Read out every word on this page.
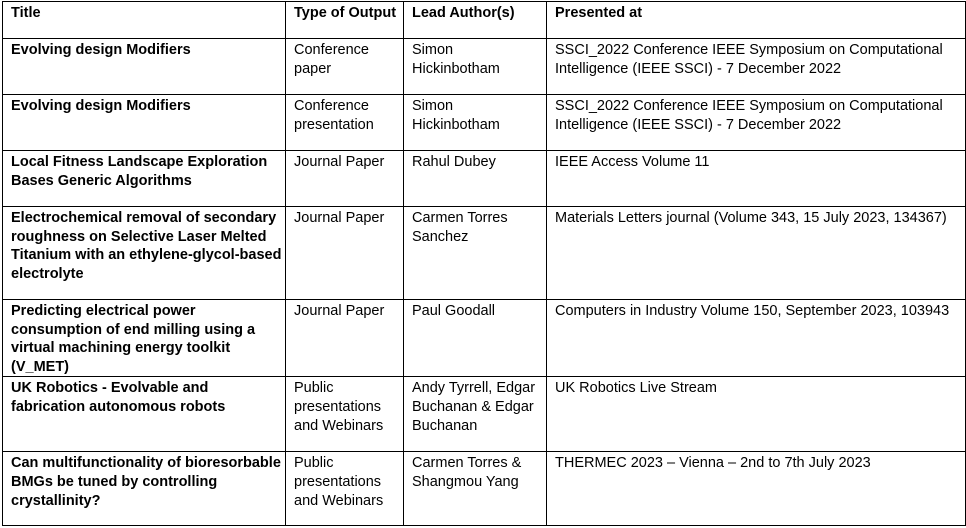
Title	Type of Output	Lead Author(s)	Presented at
Evolving design Modifiers	Conference paper	Simon Hickinbotham	SSCI_2022 Conference IEEE Symposium on Computational Intelligence (IEEE SSCI) - 7 December 2022
Evolving design Modifiers	Conference presentation	Simon Hickinbotham	SSCI_2022 Conference IEEE Symposium on Computational Intelligence (IEEE SSCI) - 7 December 2022
Local Fitness Landscape Exploration Bases Generic Algorithms	Journal Paper	Rahul Dubey	IEEE Access Volume 11
Electrochemical removal of secondary roughness on Selective Laser Melted Titanium with an ethylene-glycol-based electrolyte	Journal Paper	Carmen Torres Sanchez	Materials Letters journal (Volume 343, 15 July 2023, 134367)
Predicting electrical power consumption of end milling using a virtual machining energy toolkit (V_MET)	Journal Paper	Paul Goodall	Computers in Industry Volume 150, September 2023, 103943
UK Robotics - Evolvable and fabrication autonomous robots	Public presentations and Webinars	Andy Tyrrell, Edgar Buchanan & Edgar Buchanan	UK Robotics Live Stream
Can multifunctionality of bioresorbable BMGs be tuned by controlling crystallinity?	Public presentations and Webinars	Carmen Torres & Shangmou Yang	THERMEC 2023 – Vienna – 2nd to 7th July 2023
